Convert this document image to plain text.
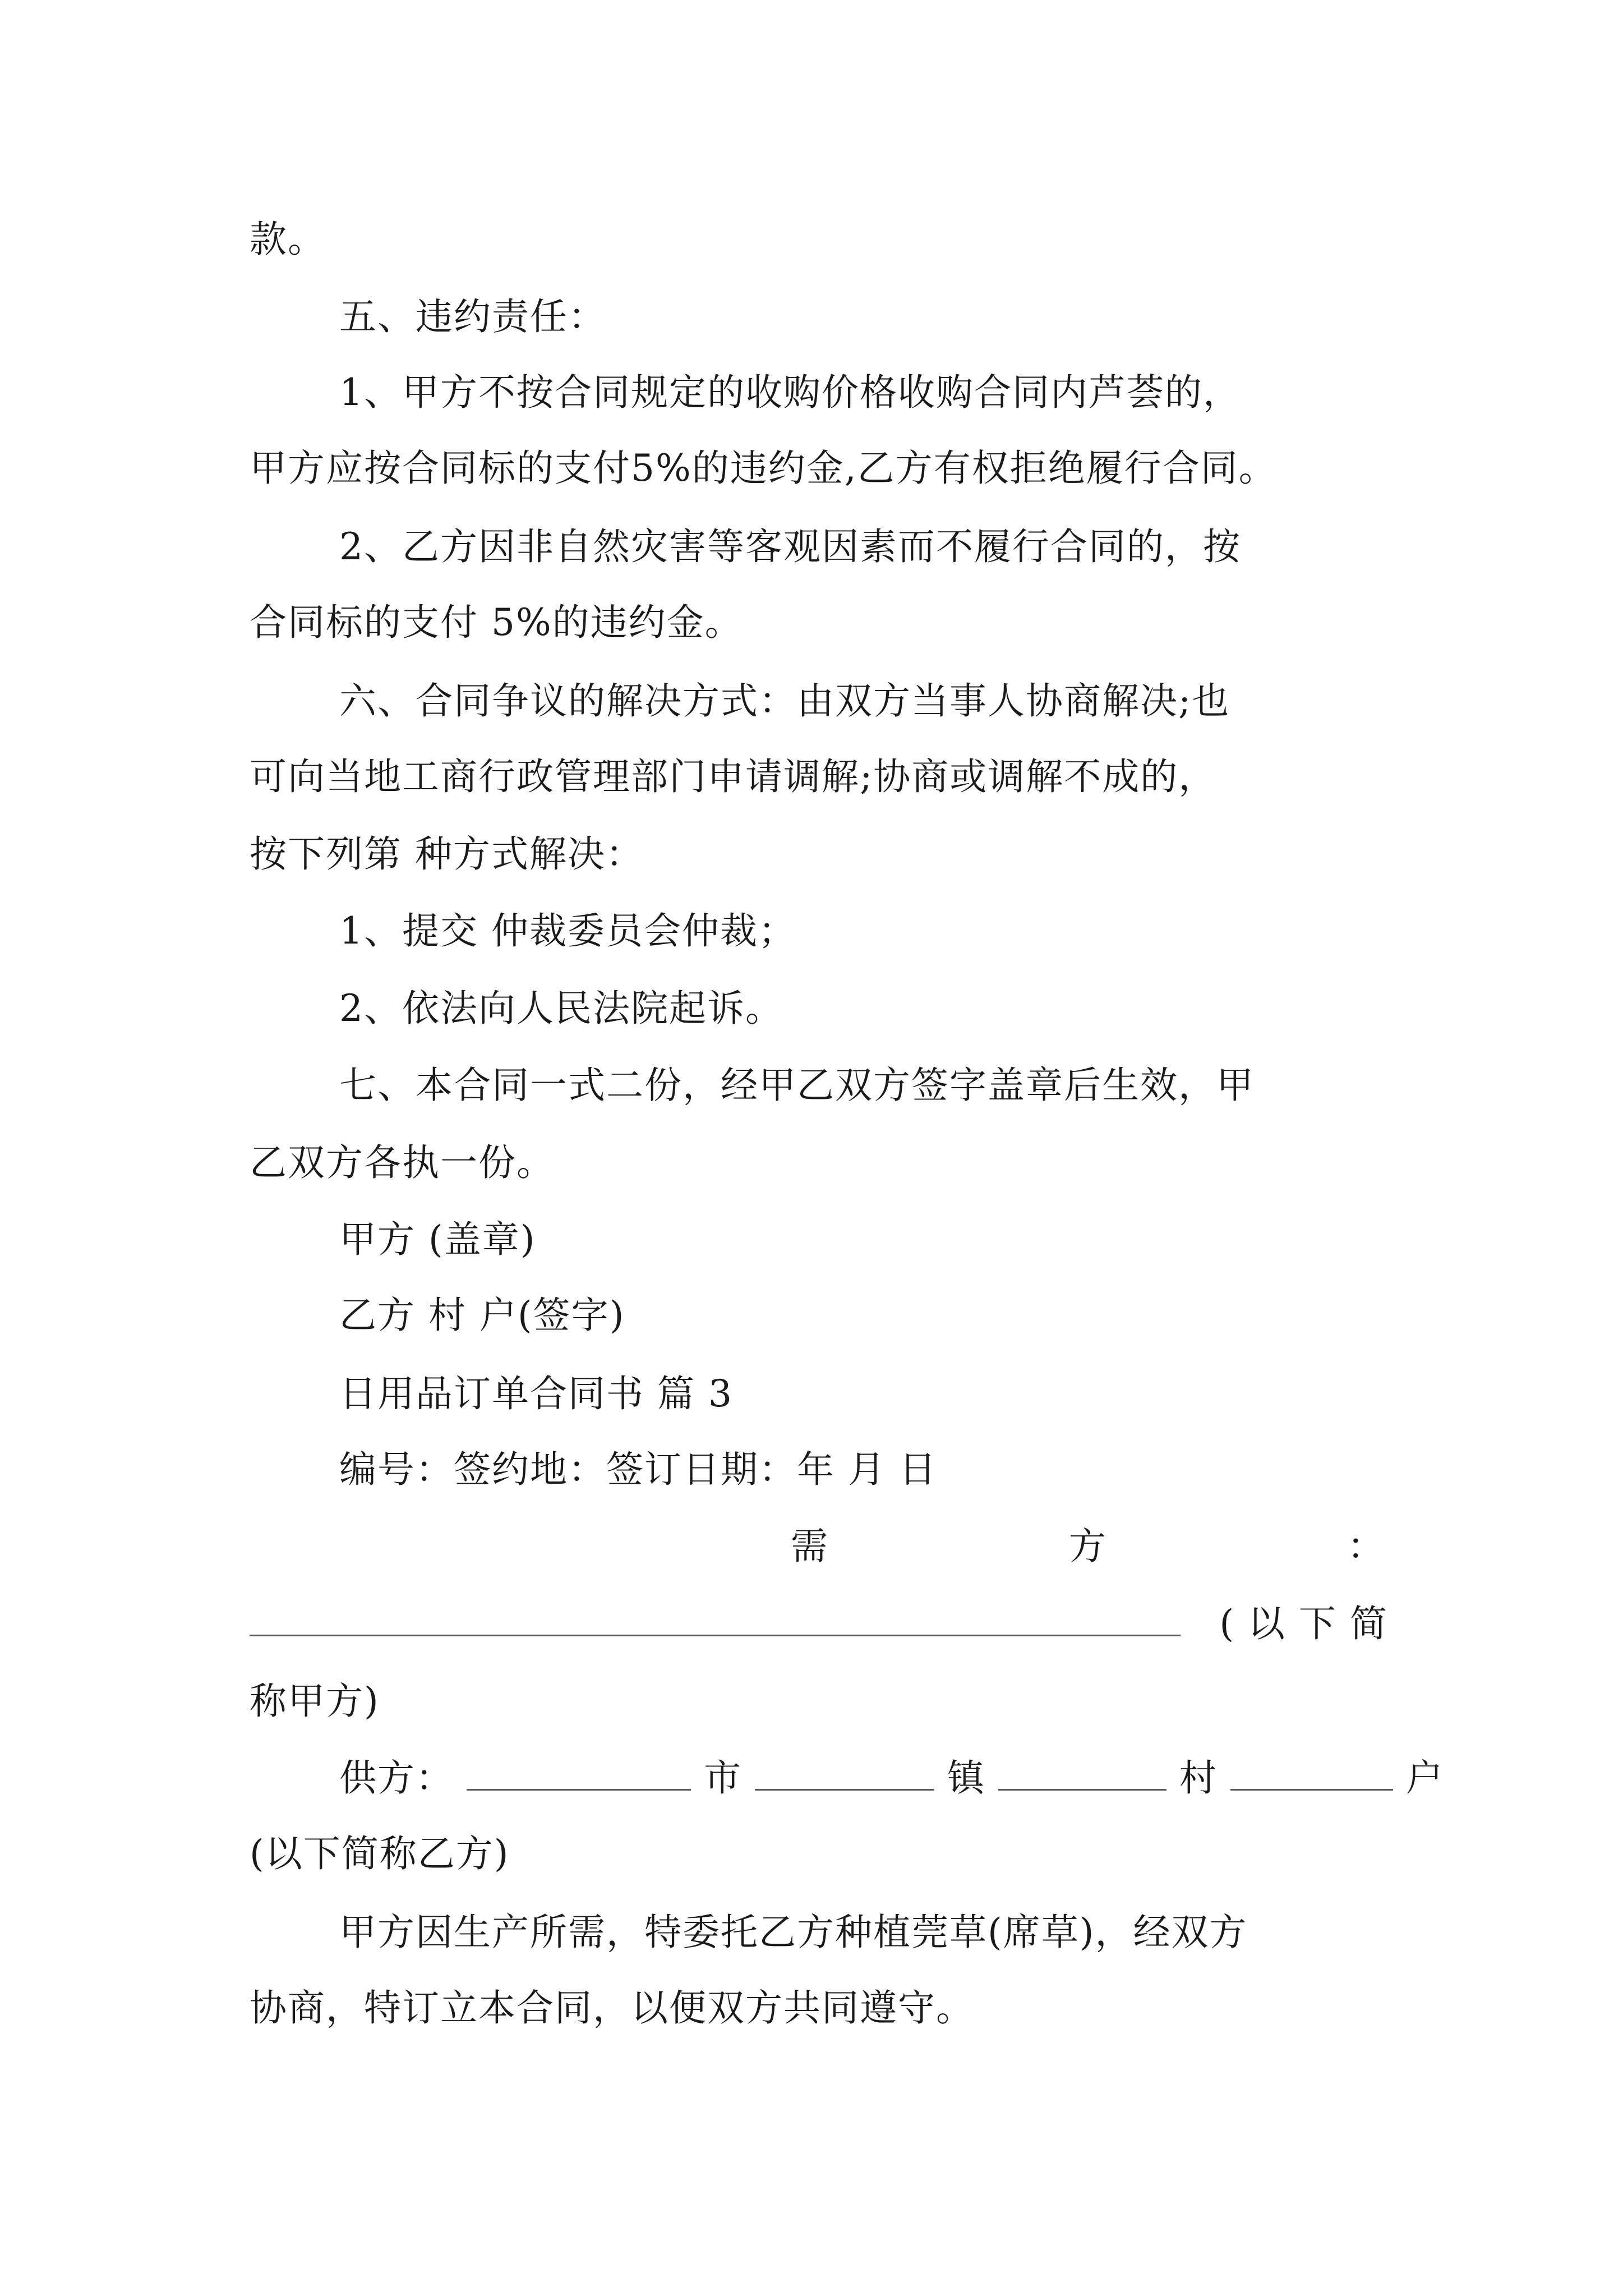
款。
五、违约责任：
1、甲方不按合同规定的收购价格收购合同内芦荟的，
甲方应按合同标的支付5%的违约金,乙方有权拒绝履行合同。
2、乙方因非自然灾害等客观因素而不履行合同的，按
合同标的支付 5%的违约金。
六、合同争议的解决方式：由双方当事人协商解决;也
可向当地工商行政管理部门申请调解;协商或调解不成的，
按下列第 种方式解决：
1、提交 仲裁委员会仲裁；
2、依法向人民法院起诉。
七、本合同一式二份，经甲乙双方签字盖章后生效，甲
乙双方各执一份。
甲方 (盖章)
乙方 村 户(签字)
日用品订单合同书 篇 3
编号：签约地：签订日期：年 月 日
需	方	：
( 以 下 简
称甲方)
供方：	市	镇	村	户
(以下简称乙方)
甲方因生产所需，特委托乙方种植莞草(席草)，经双方
协商，特订立本合同，以便双方共同遵守。
